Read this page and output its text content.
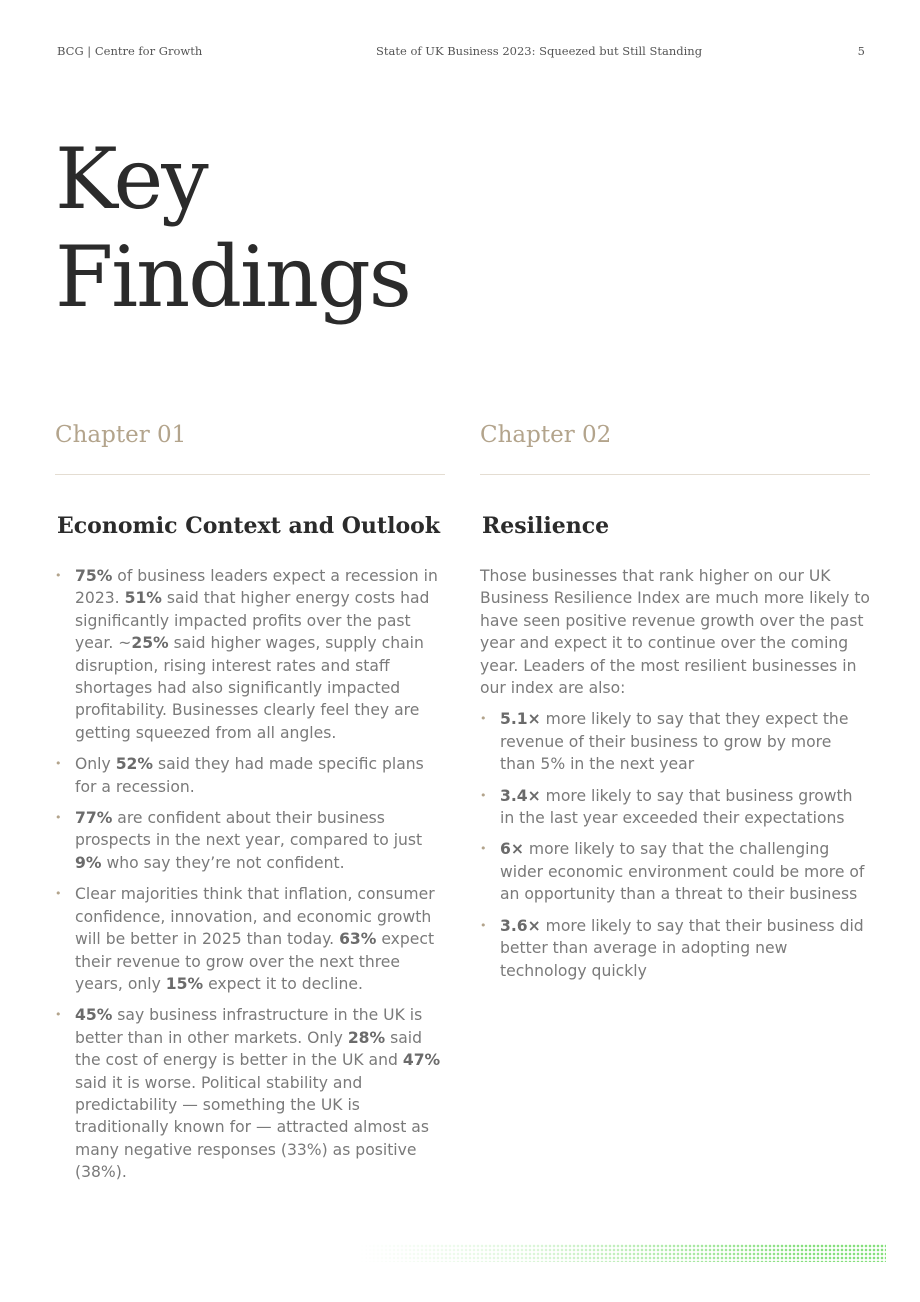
BCG | Centre for Growth	State of UK Business 2023: Squeezed but Still Standing	5
Key
Findings
Chapter 01
Economic Context and Outlook
• 75% of business leaders expect a recession in 2023. 51% said that higher energy costs had significantly impacted profits over the past year. ~25% said higher wages, supply chain disruption, rising interest rates and staff shortages had also significantly impacted profitability. Businesses clearly feel they are getting squeezed from all angles.
• Only 52% said they had made specific plans for a recession.
• 77% are confident about their business prospects in the next year, compared to just 9% who say they’re not confident.
• Clear majorities think that inflation, consumer confidence, innovation, and economic growth will be better in 2025 than today. 63% expect their revenue to grow over the next three years, only 15% expect it to decline.
• 45% say business infrastructure in the UK is better than in other markets. Only 28% said the cost of energy is better in the UK and 47% said it is worse. Political stability and predictability — something the UK is traditionally known for — attracted almost as many negative responses (33%) as positive (38%).
Chapter 02
Resilience

Those businesses that rank higher on our UK Business Resilience Index are much more likely to have seen positive revenue growth over the past year and expect it to continue over the coming year. Leaders of the most resilient businesses in our index are also:

• 5.1× more likely to say that they expect the revenue of their business to grow by more than 5% in the next year
• 3.4× more likely to say that business growth in the last year exceeded their expectations
• 6× more likely to say that the challenging wider economic environment could be more of an opportunity than a threat to their business
• 3.6× more likely to say that their business did better than average in adopting new technology quickly
